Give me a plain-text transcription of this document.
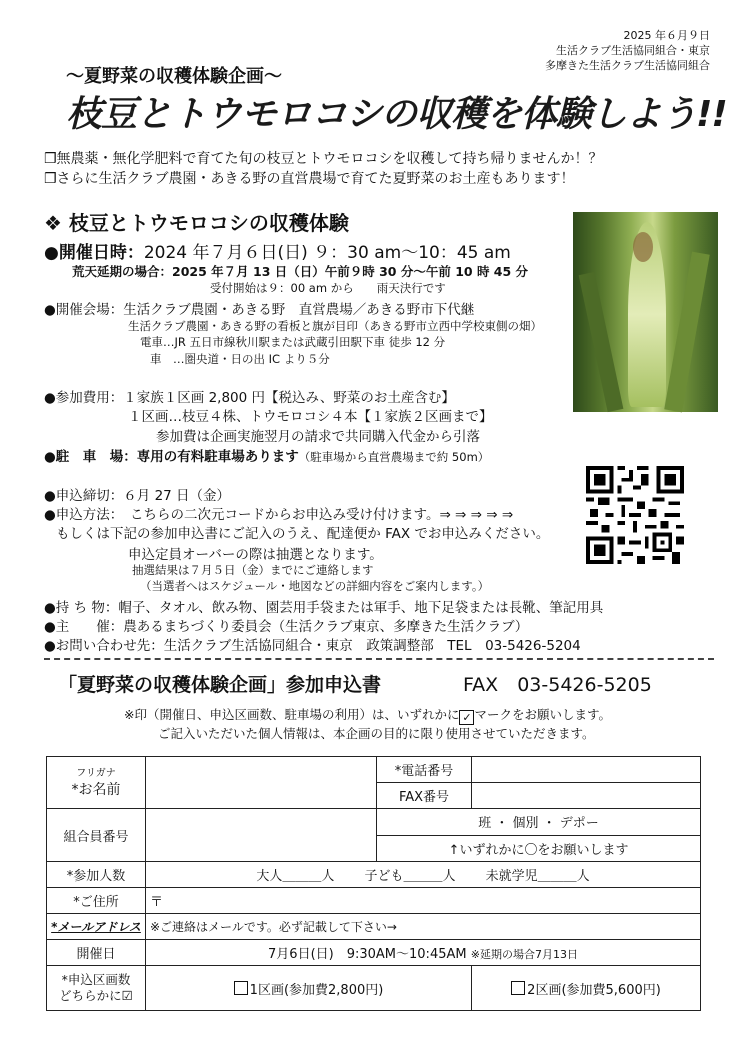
2025 年６月９日
生活クラブ生活協同組合・東京
多摩きた生活クラブ生活協同組合
～夏野菜の収穫体験企画～
枝豆とトウモロコシの収穫を体験しよう!!
❒無農薬・無化学肥料で育てた旬の枝豆とトウモロコシを収穫して持ち帰りませんか！？
❒さらに生活クラブ農園・あきる野の直営農場で育てた夏野菜のお土産もあります！
❖ 枝豆とトウモロコシの収穫体験
●開催日時：2024 年７月６日(日) ９：30 am～10：45 am
荒天延期の場合：2025 年７月 13 日（日）午前９時 30 分～午前 10 時 45 分
受付開始は９：00 am から　　雨天決行です
●開催会場：生活クラブ農園・あきる野　直営農場／あきる野市下代継
生活クラブ農園・あきる野の看板と旗が目印（あきる野市立西中学校東側の畑）
電車…JR 五日市線秋川駅または武蔵引田駅下車 徒歩 12 分
車　…圏央道・日の出 IC より５分
●参加費用：１家族１区画 2,800 円【税込み、野菜のお土産含む】
１区画…枝豆４株、トウモロコシ４本【１家族２区画まで】
参加費は企画実施翌月の請求で共同購入代金から引落
●駐　車　場：専用の有料駐車場あります（駐車場から直営農場まで約 50m）
●申込締切：６月 27 日（金）
●申込方法：　こちらの二次元コードからお申込み受け付けます。⇒ ⇒ ⇒ ⇒ ⇒
もしくは下記の参加申込書にご記入のうえ、配達便か FAX でお申込みください。
申込定員オーバーの際は抽選となります。
抽選結果は７月５日（金）までにご連絡します
（当選者へはスケジュール・地図などの詳細内容をご案内します。）
●持 ち 物：帽子、タオル、飲み物、園芸用手袋または軍手、地下足袋または長靴、筆記用具
●主　　催：農あるまちづくり委員会（生活クラブ東京、多摩きた生活クラブ）
●お問い合わせ先：生活クラブ生活協同組合・東京　政策調整部　TEL　03-5426-5204
「夏野菜の収穫体験企画」参加申込書	FAX　03-5426-5205
※印（開催日、申込区画数、駐車場の利用）は、いずれかに ✓ マークをお願いします。
ご記入いただいた個人情報は、本企画の目的に限り使用させていただきます。
フリガナ
*お名前		*電話番号	
		FAX番号	
組合員番号		班 ・ 個別 ・ デポー	
		↑いずれかに〇をお願いします	
*参加人数	大人＿＿＿人　　 子ども＿＿＿人　　 未就学児＿＿＿人		
*ご住所	〒		
*メールアドレス	※ご連絡はメールです。必ず記載して下さい→		
開催日	7月6日(日)　9:30AM～10:45AM ※延期の場合7月13日		

*申込区画数
どちらかに☑	1区画(参加費2,800円)		2区画(参加費5,600円)
